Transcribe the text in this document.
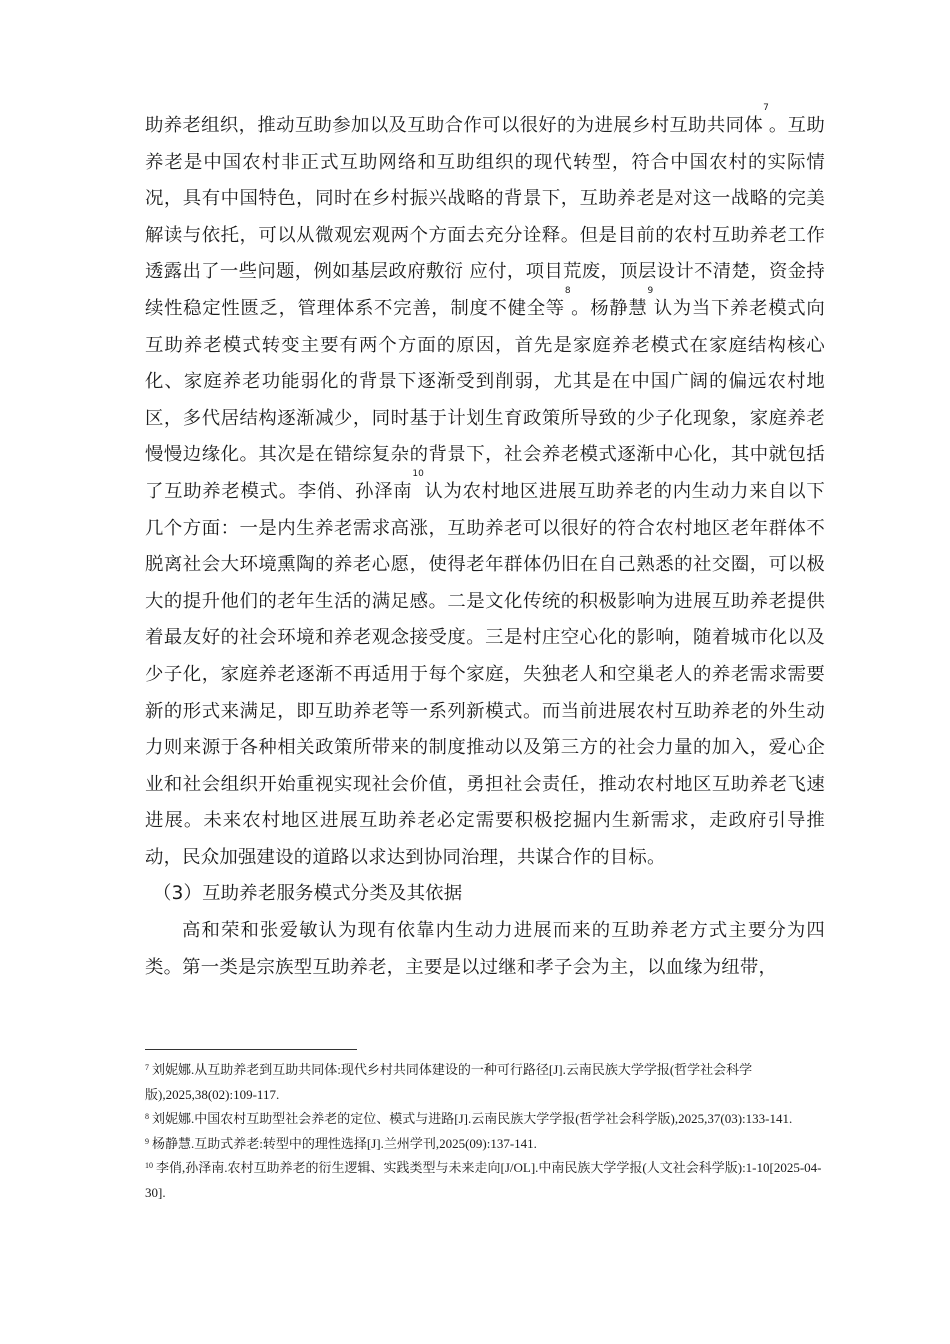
助养老组织，推动互助参加以及互助合作可以很好的为进展乡村互助共同体$^7$。互助养老是中国农村非正式互助网络和互助组织的现代转型，符合中国农村的实际情况，具有中国特色，同时在乡村振兴战略的背景下，互助养老是对这一战略的完美解读与依托，可以从微观宏观两个方面去充分诠释。但是目前的农村互助养老工作透露出了一些问题，例如基层政府敷衍 应付，项目荒废，顶层设计不清楚，资金持续性稳定性匮乏，管理体系不完善，制度不健全等$^8$。杨静慧$^9$认为当下养老模式向互助养老模式转变主要有两个方面的原因，首先是家庭养老模式在家庭结构核心化、家庭养老功能弱化的背景下逐渐受到削弱，尤其是在中国广阔的偏远农村地区，多代居结构逐渐减少，同时基于计划生育政策所导致的少子化现象，家庭养老慢慢边缘化。其次是在错综复杂的背景下，社会养老模式逐渐中心化，其中就包括了互助养老模式。李俏、孙泽南$^{10}$认为农村地区进展互助养老的内生动力来自以下几个方面：一是内生养老需求高涨，互助养老可以很好的符合农村地区老年群体不脱离社会大环境熏陶的养老心愿，使得老年群体仍旧在自己熟悉的社交圈，可以极大的提升他们的老年生活的满足感。二是文化传统的积极影响为进展互助养老提供着最友好的社会环境和养老观念接受度。三是村庄空心化的影响，随着城市化以及少子化，家庭养老逐渐不再适用于每个家庭，失独老人和空巢老人的养老需求需要新的形式来满足，即互助养老等一系列新模式。而当前进展农村互助养老的外生动力则来源于各种相关政策所带来的制度推动以及第三方的社会力量的加入，爱心企业和社会组织开始重视实现社会价值，勇担社会责任，推动农村地区互助养老飞速进展。未来农村地区进展互助养老必定需要积极挖掘内生新需求，走政府引导推动，民众加强建设的道路以求达到协同治理，共谋合作的目标。

（3）互助养老服务模式分类及其依据

高和荣和张爱敏认为现有依靠内生动力进展而来的互助养老方式主要分为四类。第一类是宗族型互助养老，主要是以过继和孝子会为主，以血缘为纽带，

$^7$ 刘妮娜.从互助养老到互助共同体:现代乡村共同体建设的一种可行路径[J].云南民族大学学报(哲学社会科学版),2025,38(02):109-117.

$^8$ 刘妮娜.中国农村互助型社会养老的定位、模式与进路[J].云南民族大学学报(哲学社会科学版),2025,37(03):133-141.

$^9$ 杨静慧.互助式养老:转型中的理性选择[J].兰州学刊,2025(09):137-141.

$^{10}$ 李俏,孙泽南.农村互助养老的衍生逻辑、实践类型与未来走向[J/OL].中南民族大学学报(人文社会科学版):1-10[2025-04-30].
